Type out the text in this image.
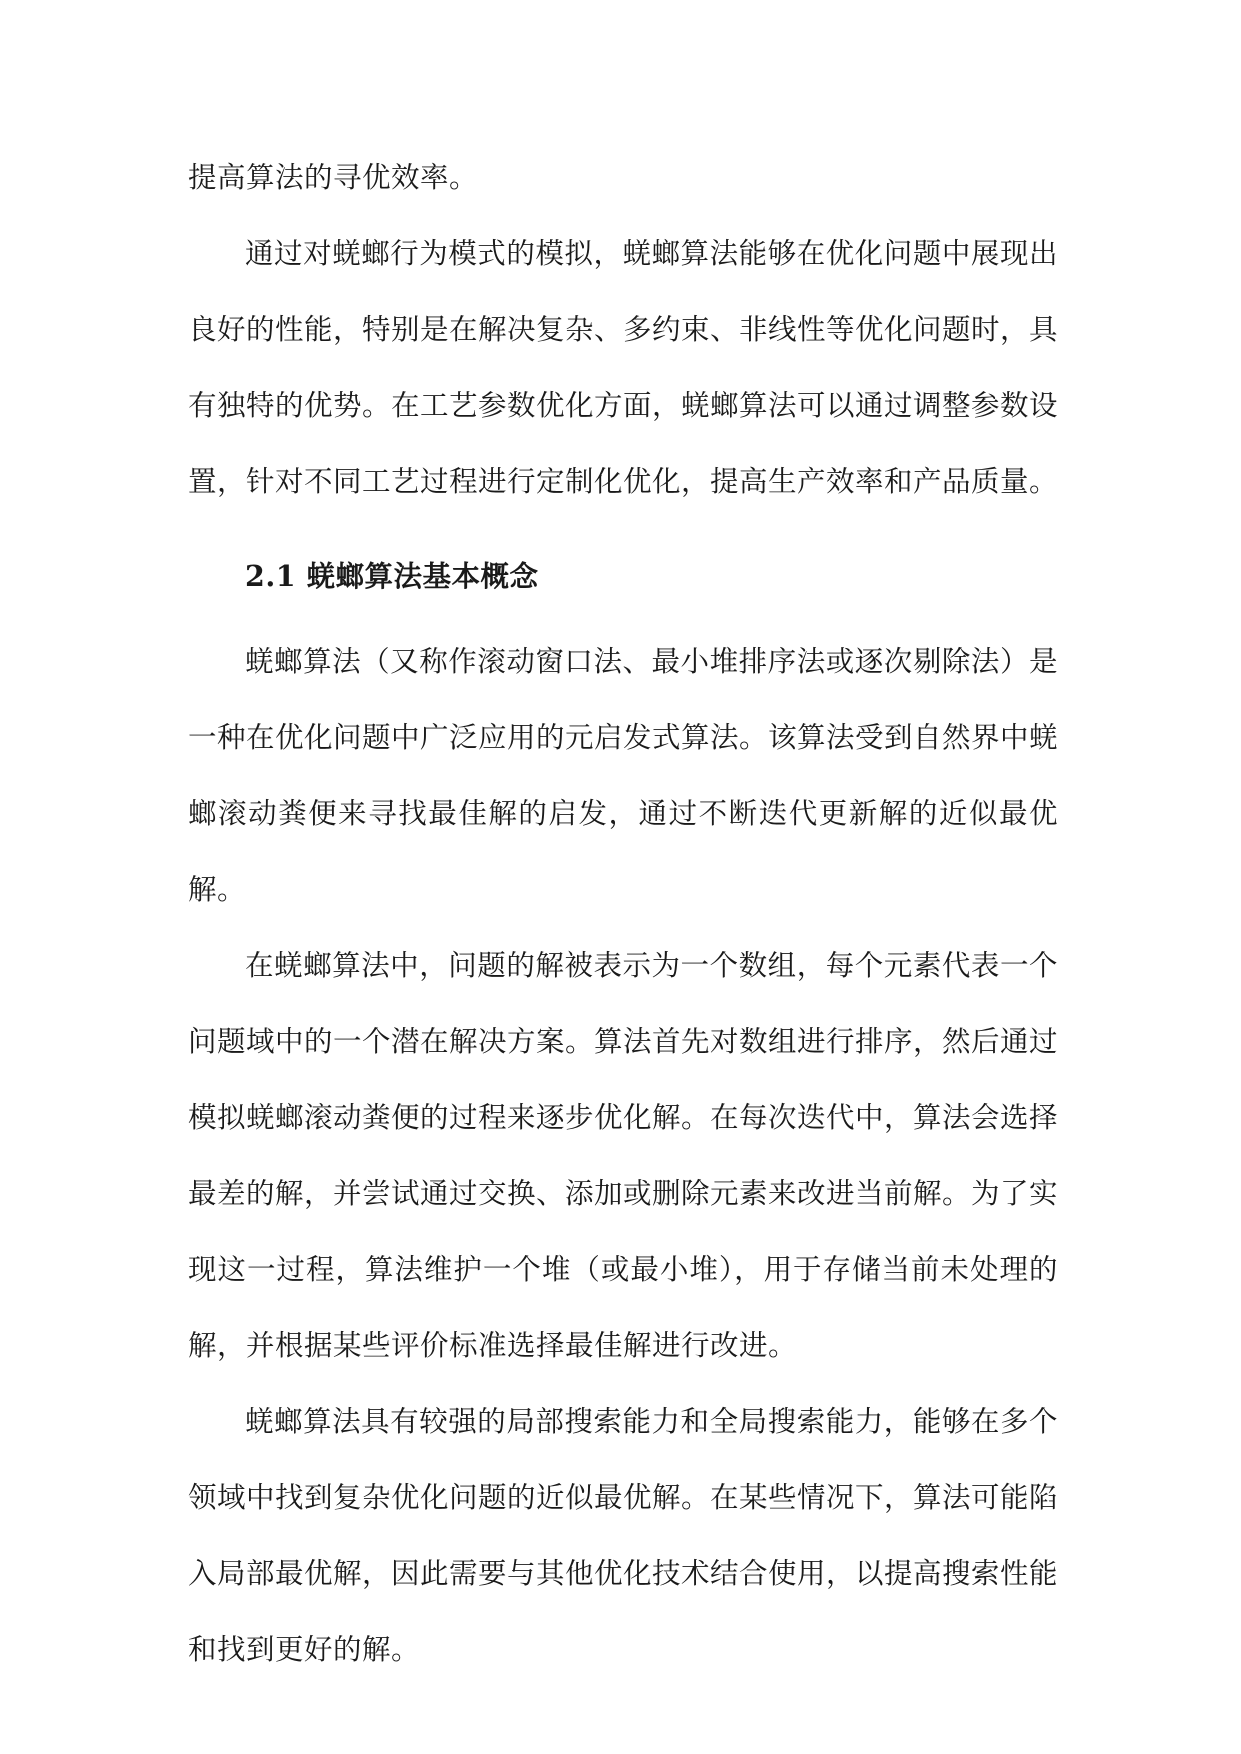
提高算法的寻优效率。

通过对蜣螂行为模式的模拟，蜣螂算法能够在优化问题中展现出良好的性能，特别是在解决复杂、多约束、非线性等优化问题时，具有独特的优势。在工艺参数优化方面，蜣螂算法可以通过调整参数设置，针对不同工艺过程进行定制化优化，提高生产效率和产品质量。

2.1 蜣螂算法基本概念

蜣螂算法（又称作滚动窗口法、最小堆排序法或逐次剔除法）是一种在优化问题中广泛应用的元启发式算法。该算法受到自然界中蜣螂滚动粪便来寻找最佳解的启发，通过不断迭代更新解的近似最优解。

在蜣螂算法中，问题的解被表示为一个数组，每个元素代表一个问题域中的一个潜在解决方案。算法首先对数组进行排序，然后通过模拟蜣螂滚动粪便的过程来逐步优化解。在每次迭代中，算法会选择最差的解，并尝试通过交换、添加或删除元素来改进当前解。为了实现这一过程，算法维护一个堆（或最小堆），用于存储当前未处理的解，并根据某些评价标准选择最佳解进行改进。

蜣螂算法具有较强的局部搜索能力和全局搜索能力，能够在多个领域中找到复杂优化问题的近似最优解。在某些情况下，算法可能陷入局部最优解，因此需要与其他优化技术结合使用，以提高搜索性能和找到更好的解。
